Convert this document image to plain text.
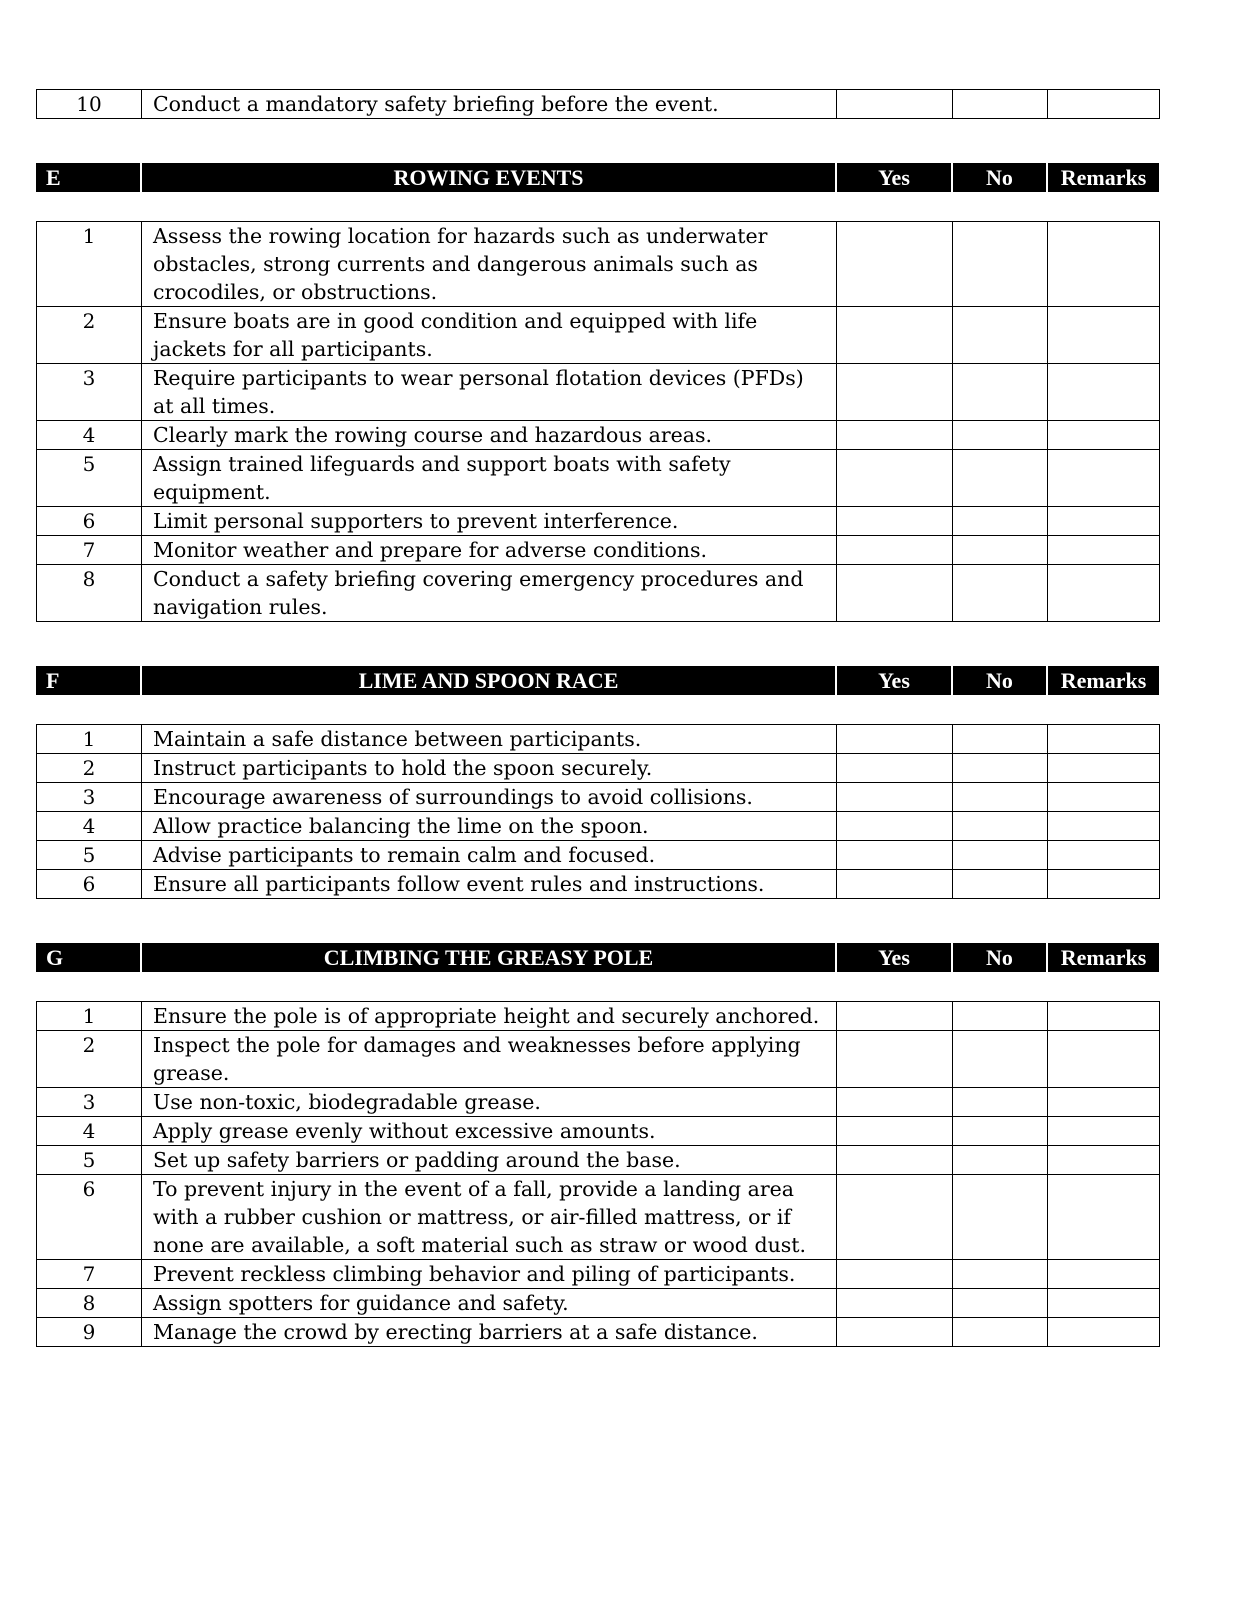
10	Conduct a mandatory safety briefing before the event.			
E	ROWING EVENTS	Yes	No	Remarks
1	Assess the rowing location for hazards such as underwater obstacles, strong currents and dangerous animals such as crocodiles, or obstructions.			
2	Ensure boats are in good condition and equipped with life jackets for all participants.			
3	Require participants to wear personal flotation devices (PFDs) at all times.			
4	Clearly mark the rowing course and hazardous areas.			
5	Assign trained lifeguards and support boats with safety equipment.			
6	Limit personal supporters to prevent interference.			
7	Monitor weather and prepare for adverse conditions.			
8	Conduct a safety briefing covering emergency procedures and navigation rules.			
F	LIME AND SPOON RACE	Yes	No	Remarks
1	Maintain a safe distance between participants.			
2	Instruct participants to hold the spoon securely.			
3	Encourage awareness of surroundings to avoid collisions.			
4	Allow practice balancing the lime on the spoon.			
5	Advise participants to remain calm and focused.			
6	Ensure all participants follow event rules and instructions.			
G	CLIMBING THE GREASY POLE	Yes	No	Remarks
1	Ensure the pole is of appropriate height and securely anchored.			
2	Inspect the pole for damages and weaknesses before applying grease.			
3	Use non-toxic, biodegradable grease.			
4	Apply grease evenly without excessive amounts.			
5	Set up safety barriers or padding around the base.			
6	To prevent injury in the event of a fall, provide a landing area with a rubber cushion or mattress, or air-filled mattress, or if none are available, a soft material such as straw or wood dust.			
7	Prevent reckless climbing behavior and piling of participants.			
8	Assign spotters for guidance and safety.			
9	Manage the crowd by erecting barriers at a safe distance.			
